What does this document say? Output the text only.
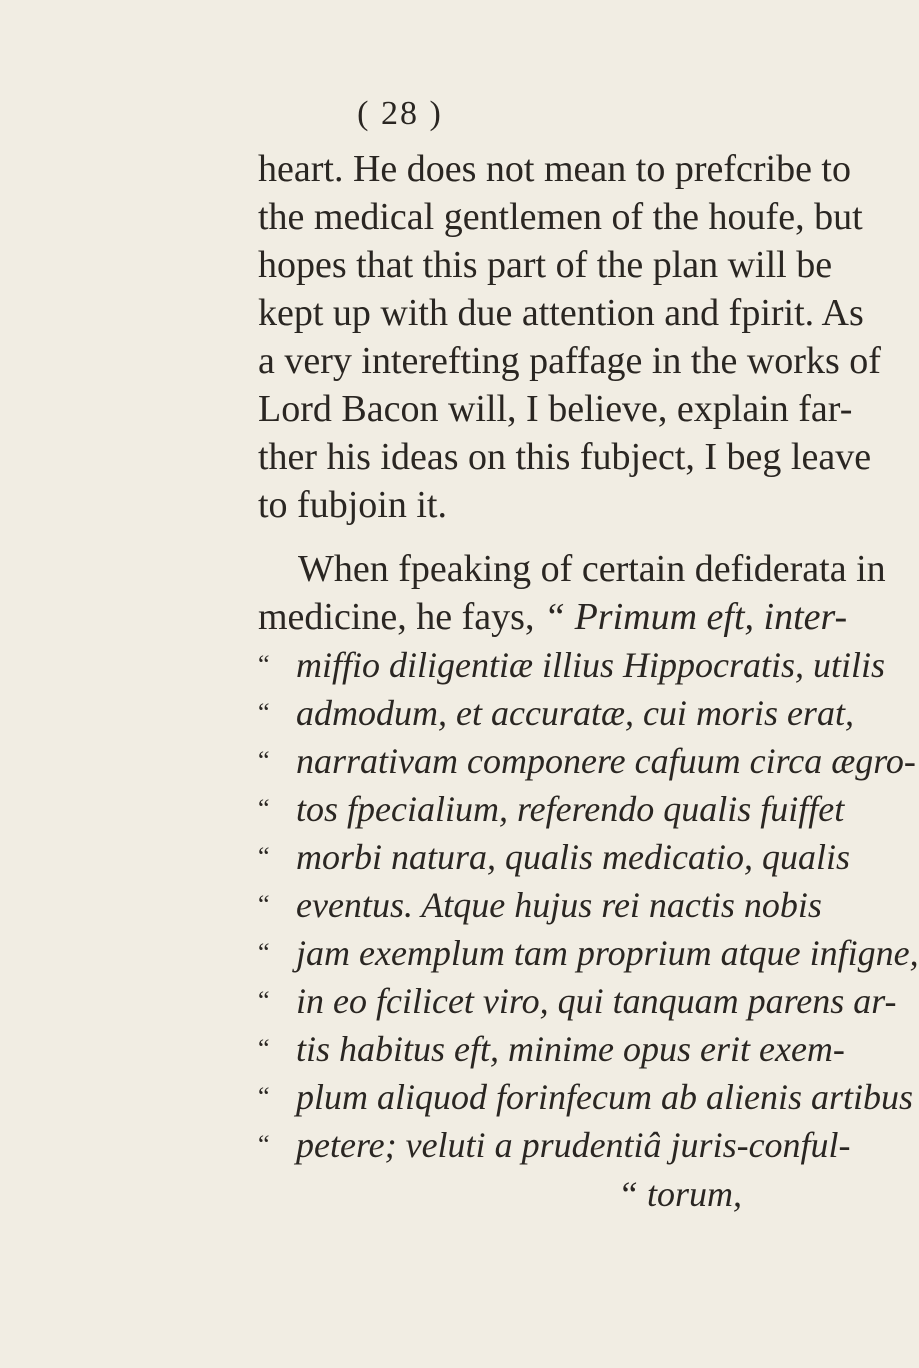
( 28 )
heart. He does not mean to prefcribe to
the medical gentlemen of the houfe, but
hopes that this part of the plan will be
kept up with due attention and fpirit. As
a very interefting paffage in the works of
Lord Bacon will, I believe, explain far-
ther his ideas on this fubject, I beg leave
to fubjoin it.
When fpeaking of certain defiderata in
medicine, he fays, “ Primum eft, inter-
“ miffio diligentiæ illius Hippocratis, utilis
“ admodum, et accuratæ, cui moris erat,
“ narrativam componere cafuum circa ægro-
“ tos fpecialium, referendo qualis fuiffet
“ morbi natura, qualis medicatio, qualis
“ eventus. Atque hujus rei nactis nobis
“ jam exemplum tam proprium atque infigne,
“ in eo fcilicet viro, qui tanquam parens ar-
“ tis habitus eft, minime opus erit exem-
“ plum aliquod forinfecum ab alienis artibus
“ petere; veluti a prudentiâ juris-conful-
“ torum,
